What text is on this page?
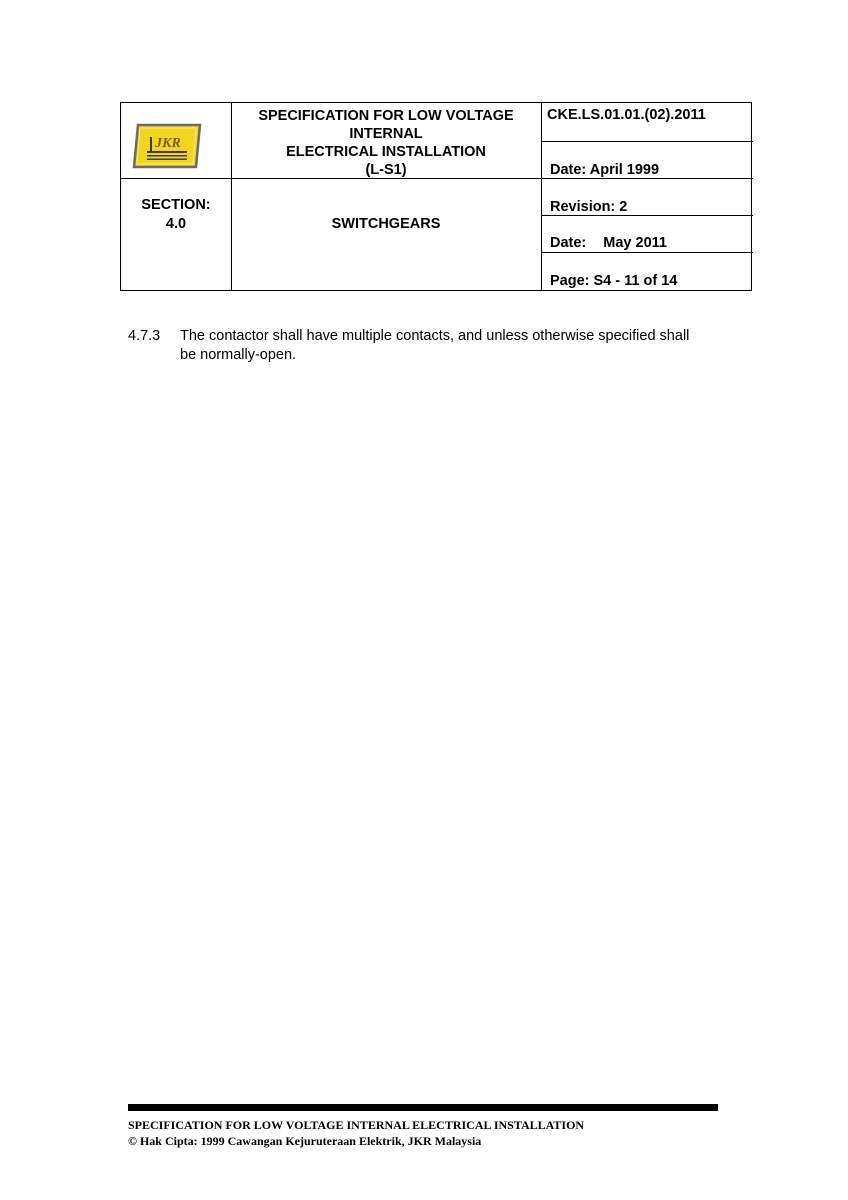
JKR
SPECIFICATION FOR LOW VOLTAGE
INTERNAL
ELECTRICAL INSTALLATION
(L-S1)
CKE.LS.01.01.(02).2011
Date: April 1999
Revision: 2
Date: May 2011
Page: S4 - 11 of 14
SECTION:
4.0	SWITCHGEARS
4.7.3 The contactor shall have multiple contacts, and unless otherwise specified shall
be normally-open.
SPECIFICATION FOR LOW VOLTAGE INTERNAL ELECTRICAL INSTALLATION
© Hak Cipta: 1999 Cawangan Kejuruteraan Elektrik, JKR Malaysia
